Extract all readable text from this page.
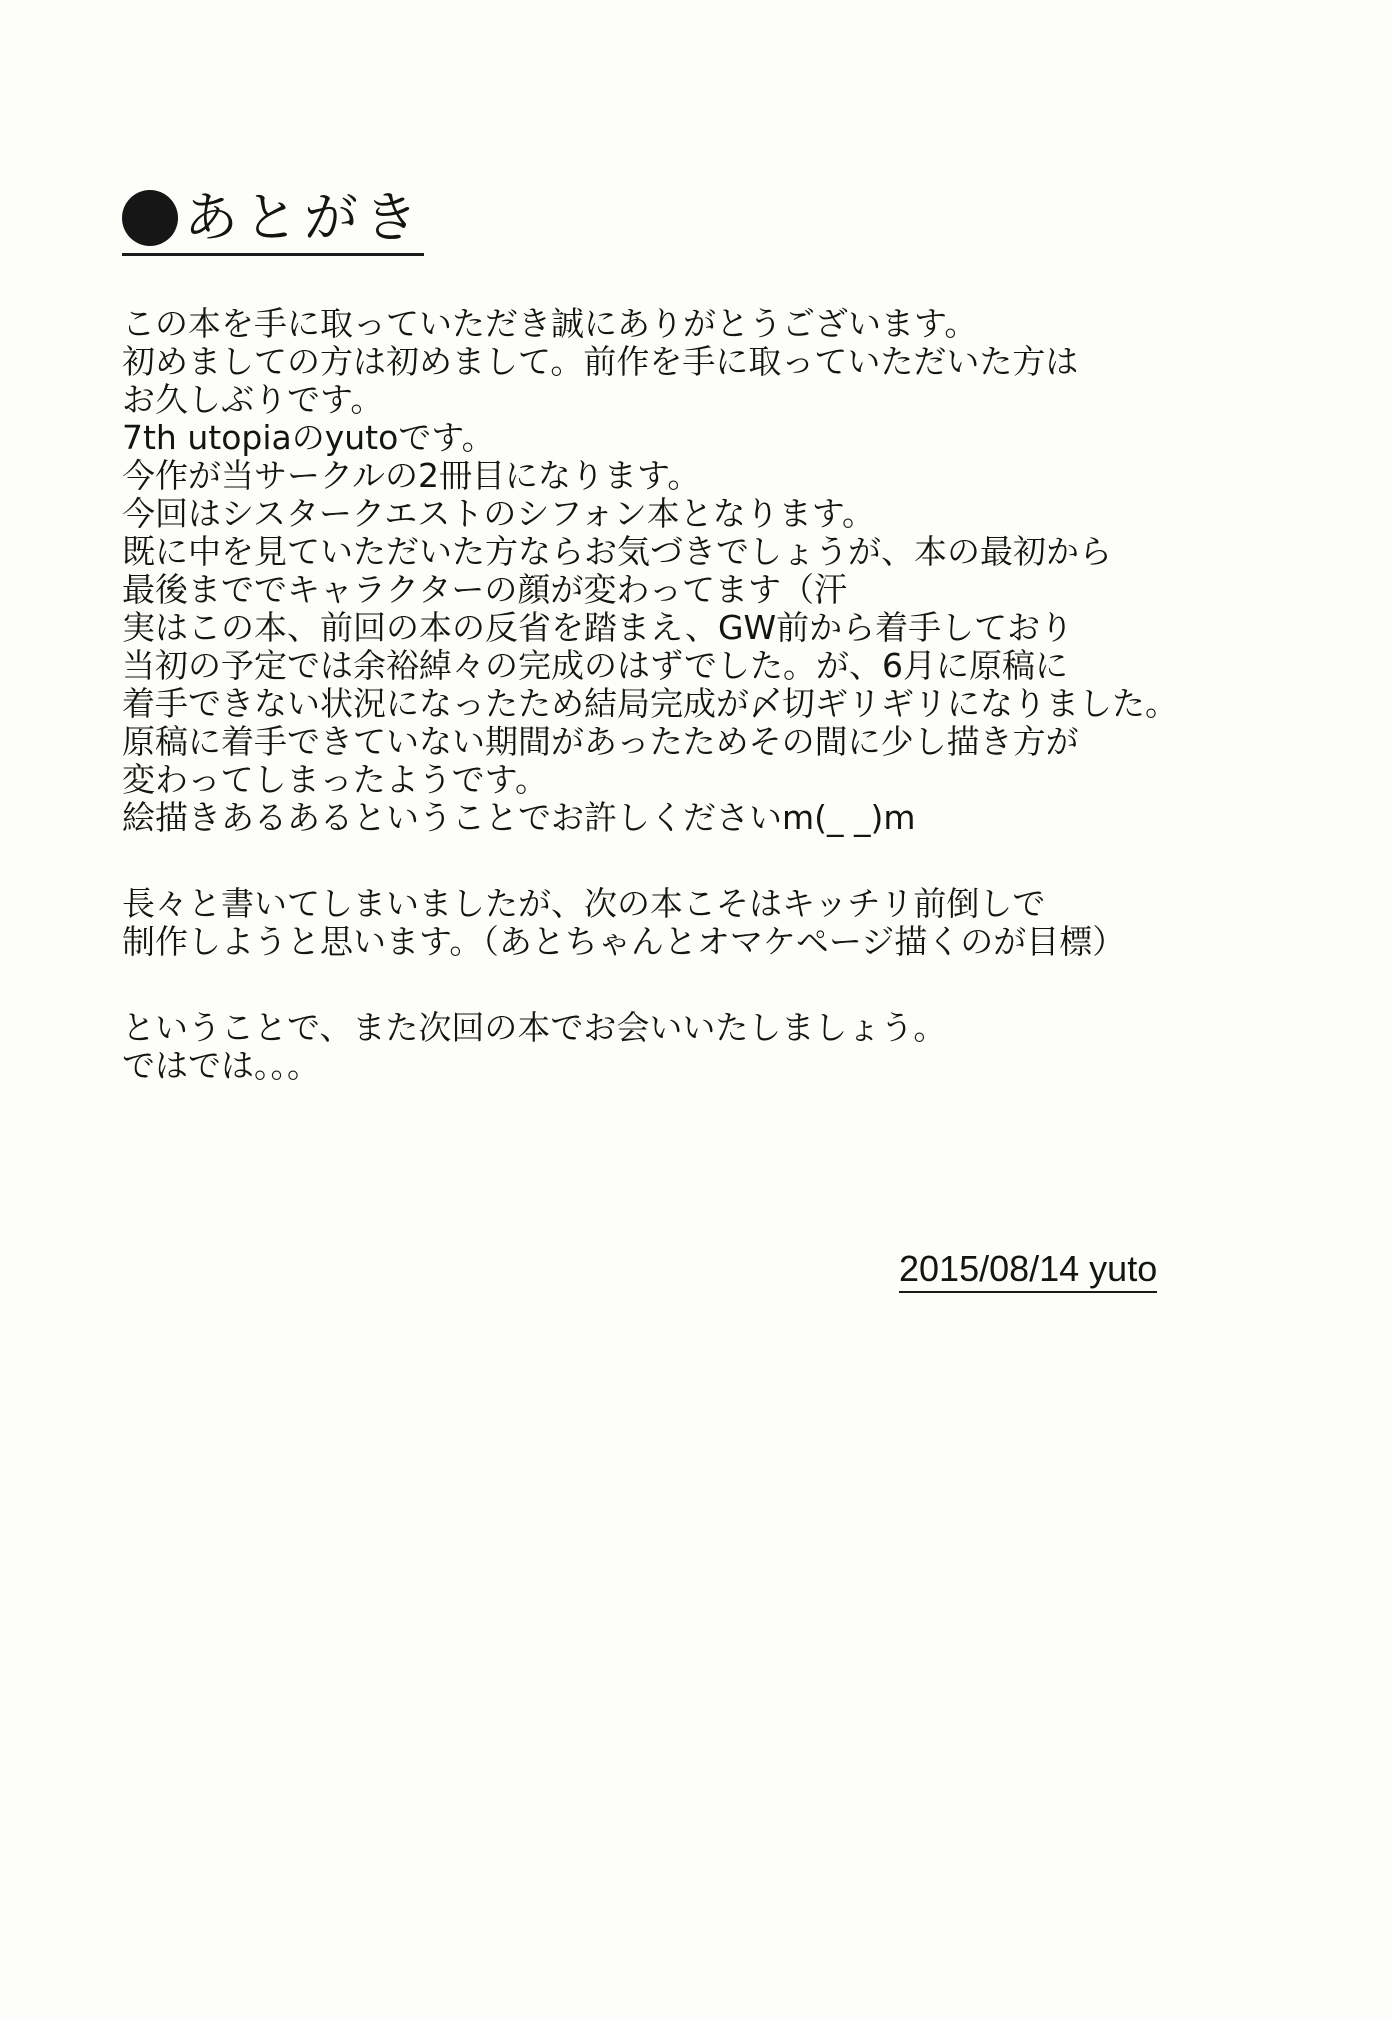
あとがき
この本を手に取っていただき誠にありがとうございます。
初めましての方は初めまして。前作を手に取っていただいた方は
お久しぶりです。
7th utopiaのyutoです。
今作が当サークルの2冊目になります。
今回はシスタークエストのシフォン本となります。
既に中を見ていただいた方ならお気づきでしょうが、本の最初から
最後まででキャラクターの顔が変わってます（汗
実はこの本、前回の本の反省を踏まえ、GW前から着手しており
当初の予定では余裕綽々の完成のはずでした。が、6月に原稿に
着手できない状況になったため結局完成が〆切ギリギリになりました。
原稿に着手できていない期間があったためその間に少し描き方が
変わってしまったようです。
絵描きあるあるということでお許しくださいm(_ _)m
長々と書いてしまいましたが、次の本こそはキッチリ前倒しで
制作しようと思います。（あとちゃんとオマケページ描くのが目標）
ということで、また次回の本でお会いいたしましょう。
ではでは。。。
2015/08/14 yuto
